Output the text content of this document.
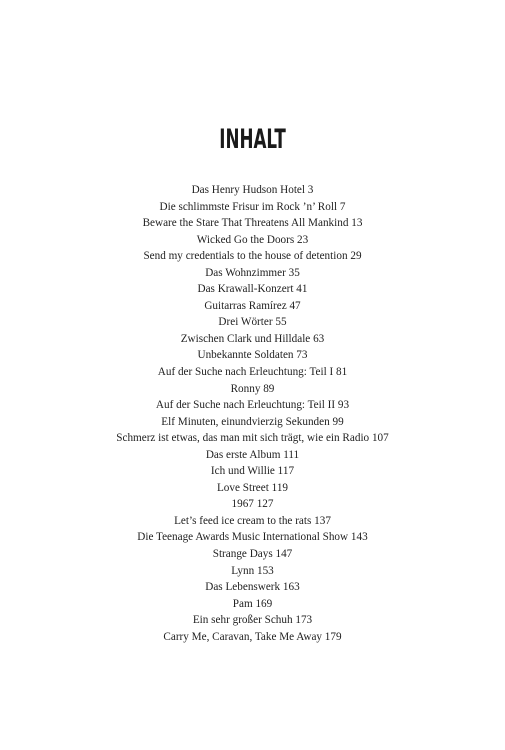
INHALT
Das Henry Hudson Hotel 3
Die schlimmste Frisur im Rock ’n’ Roll 7
Beware the Stare That Threatens All Mankind 13
Wicked Go the Doors 23
Send my credentials to the house of detention 29
Das Wohnzimmer 35
Das Krawall-Konzert 41
Guitarras Ramírez 47
Drei Wörter 55
Zwischen Clark und Hilldale 63
Unbekannte Soldaten 73
Auf der Suche nach Erleuchtung: Teil I 81
Ronny 89
Auf der Suche nach Erleuchtung: Teil II 93
Elf Minuten, einundvierzig Sekunden 99
Schmerz ist etwas, das man mit sich trägt, wie ein Radio 107
Das erste Album 111
Ich und Willie 117
Love Street 119
1967 127
Let’s feed ice cream to the rats 137
Die Teenage Awards Music International Show 143
Strange Days 147
Lynn 153
Das Lebenswerk 163
Pam 169
Ein sehr großer Schuh 173
Carry Me, Caravan, Take Me Away 179
